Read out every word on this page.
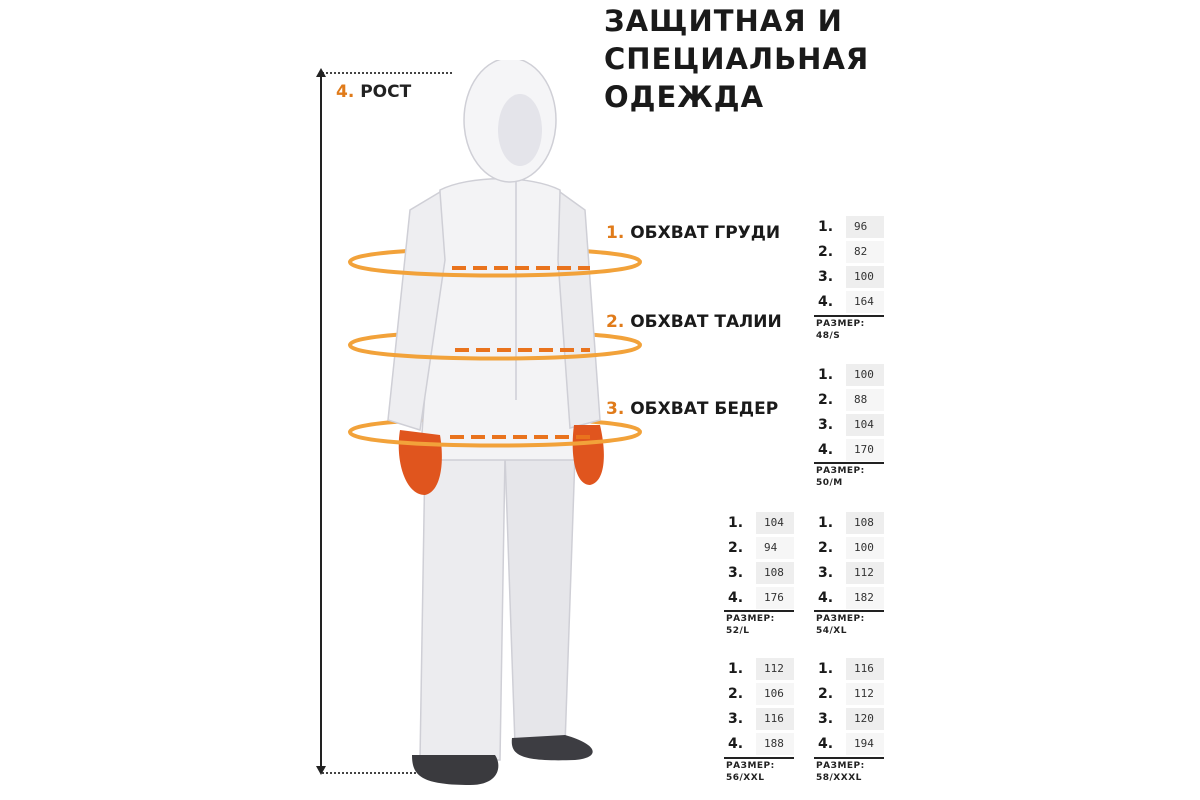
ЗАЩИТНАЯ И
СПЕЦИАЛЬНАЯ
ОДЕЖДА
4. РОСТ
1. ОБХВАТ ГРУДИ
2. ОБХВАТ ТАЛИИ
3. ОБХВАТ БЕДЕР
1.	96
2.	82
3.	100
4.	164
РАЗМЕР:
48/S
1.	100
2.	88
3.	104
4.	170
РАЗМЕР:
50/M
1.	104
2.	94
3.	108
4.	176
РАЗМЕР:
52/L
1.	108
2.	100
3.	112
4.	182
РАЗМЕР:
54/XL
1.	112
2.	106
3.	116
4.	188
РАЗМЕР:
56/XXL
1.	116
2.	112
3.	120
4.	194
РАЗМЕР:
58/XXXL
